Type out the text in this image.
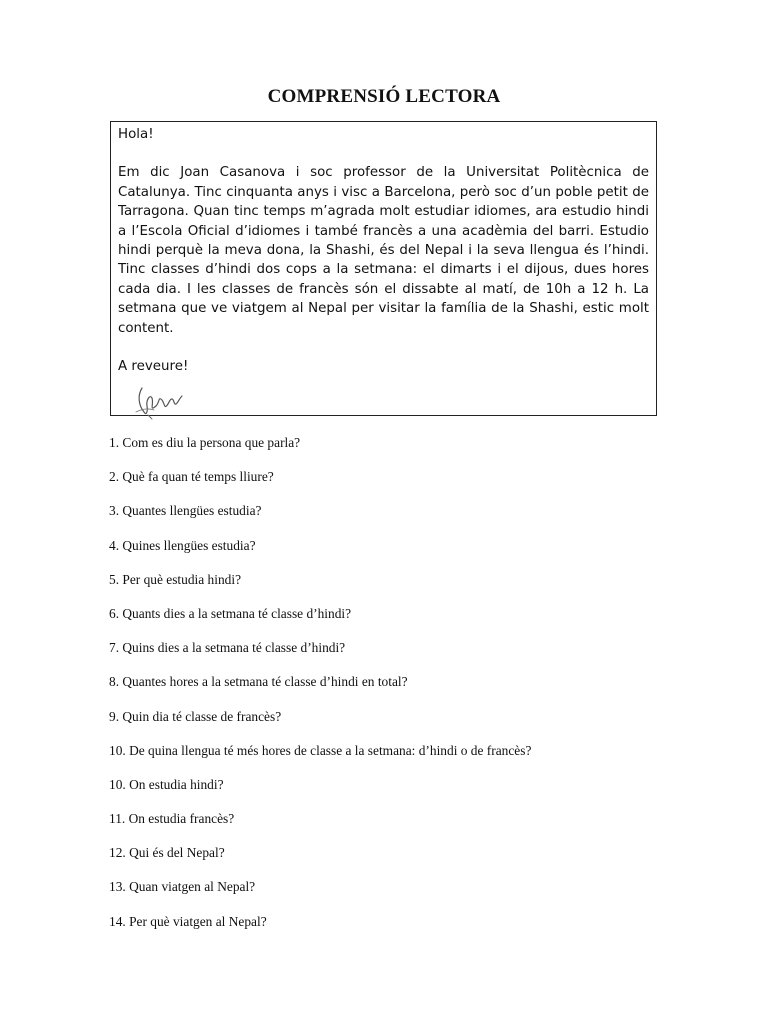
COMPRENSIÓ LECTORA

Hola!

Em dic Joan Casanova i soc professor de la Universitat Politècnica de Catalunya. Tinc cinquanta anys i visc a Barcelona, però soc d’un poble petit de Tarragona. Quan tinc temps m’agrada molt estudiar idiomes, ara estudio hindi a l’Escola Oficial d’idiomes i també francès a una acadèmia del barri. Estudio hindi perquè la meva dona, la Shashi, és del Nepal i la seva llengua és l’hindi. Tinc classes d’hindi dos cops a la setmana: el dimarts i el dijous, dues hores cada dia. I les classes de francès són el dissabte al matí, de 10h a 12 h. La setmana que ve viatgem al Nepal per visitar la família de la Shashi, estic molt content.

A reveure!

1. Com es diu la persona que parla?
2. Què fa quan té temps lliure?
3. Quantes llengües estudia?
4. Quines llengües estudia?
5. Per què estudia hindi?
6. Quants dies a la setmana té classe d’hindi?
7. Quins dies a la setmana té classe d’hindi?
8. Quantes hores a la setmana té classe d’hindi en total?
9. Quin dia té classe de francès?
10. De quina llengua té més hores de classe a la setmana: d’hindi o de francès?
10. On estudia hindi?
11. On estudia francès?
12. Qui és del Nepal?
13. Quan viatgen al Nepal?
14. Per què viatgen al Nepal?
